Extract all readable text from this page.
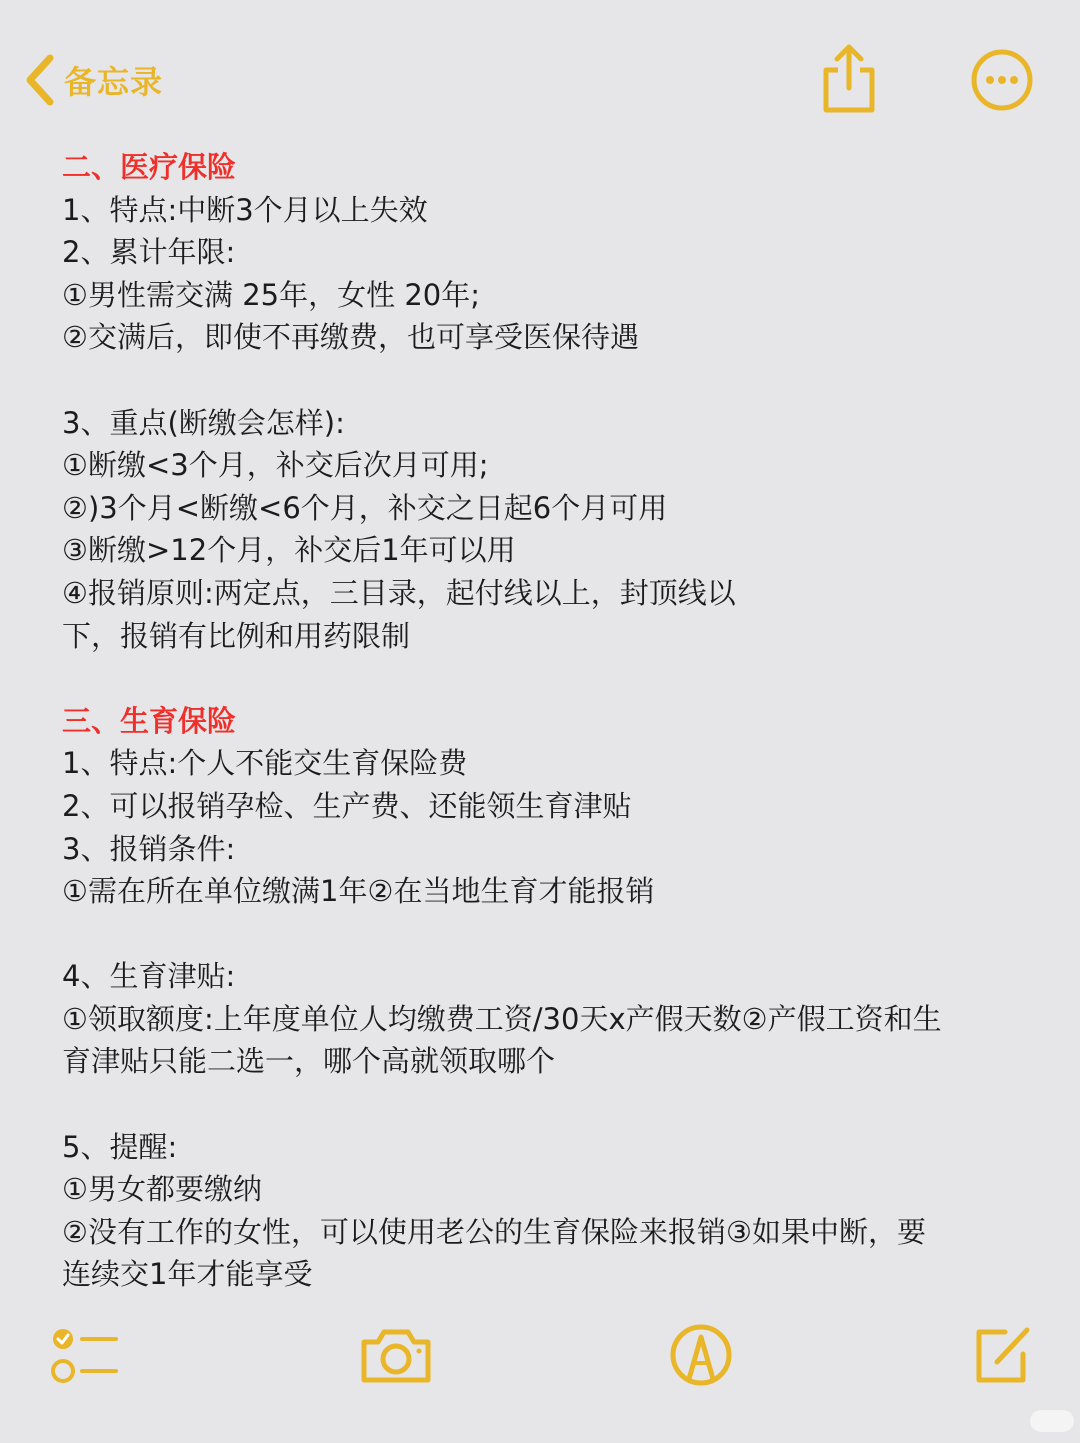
备忘录
二、医疗保险
1、特点:中断3个月以上失效
2、累计年限:
①男性需交满 25年，女性 20年;
②交满后，即使不再缴费，也可享受医保待遇
3、重点(断缴会怎样):
①断缴<3个月，补交后次月可用;
②)3个月<断缴<6个月，补交之日起6个月可用
③断缴>12个月，补交后1年可以用
④报销原则:两定点，三目录，起付线以上，封顶线以
下，报销有比例和用药限制
三、生育保险
1、特点:个人不能交生育保险费
2、可以报销孕检、生产费、还能领生育津贴
3、报销条件:
①需在所在单位缴满1年②在当地生育才能报销
4、生育津贴:
①领取额度:上年度单位人均缴费工资/30天x产假天数②产假工资和生
育津贴只能二选一，哪个高就领取哪个
5、提醒:
①男女都要缴纳
②没有工作的女性，可以使用老公的生育保险来报销③如果中断，要
连续交1年才能享受
